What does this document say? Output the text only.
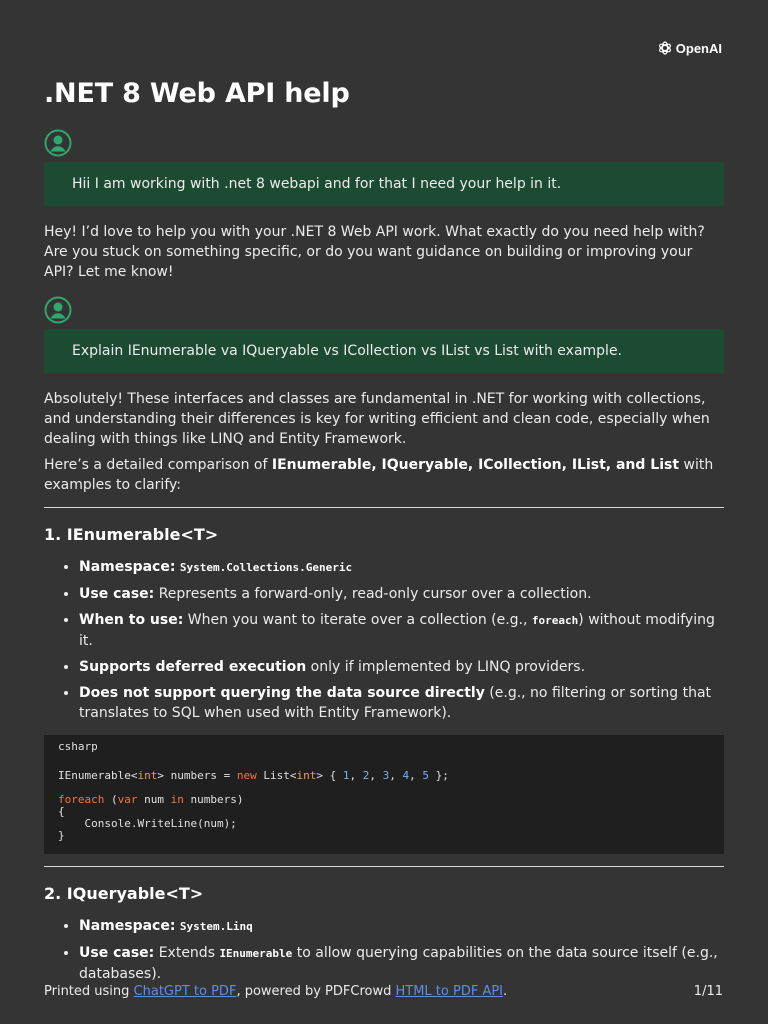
OpenAI
.NET 8 Web API help
Hii I am working with .net 8 webapi and for that I need your help in it.

Hey! I’d love to help you with your .NET 8 Web API work. What exactly do you need help with? Are you stuck on something specific, or do you want guidance on building or improving your API? Let me know!

Explain IEnumerable va IQueryable vs ICollection vs IList vs List with example.

Absolutely! These interfaces and classes are fundamental in .NET for working with collections, and understanding their differences is key for writing efficient and clean code, especially when dealing with things like LINQ and Entity Framework.

Here’s a detailed comparison of IEnumerable, IQueryable, ICollection, IList, and List with examples to clarify:

1. IEnumerable<T>
• Namespace: System.Collections.Generic
• Use case: Represents a forward-only, read-only cursor over a collection.
• When to use: When you want to iterate over a collection (e.g., foreach) without modifying it.
• Supports deferred execution only if implemented by LINQ providers.
• Does not support querying the data source directly (e.g., no filtering or sorting that translates to SQL when used with Entity Framework).
csharp
IEnumerable<int> numbers = new List<int> { 1, 2, 3, 4, 5 };

foreach (var num in numbers)
{
Console.WriteLine(num);
}
2. IQueryable<T>
• Namespace: System.Linq
• Use case: Extends IEnumerable to allow querying capabilities on the data source itself (e.g., databases).
Printed using ChatGPT to PDF, powered by PDFCrowd HTML to PDF API.	1/11
